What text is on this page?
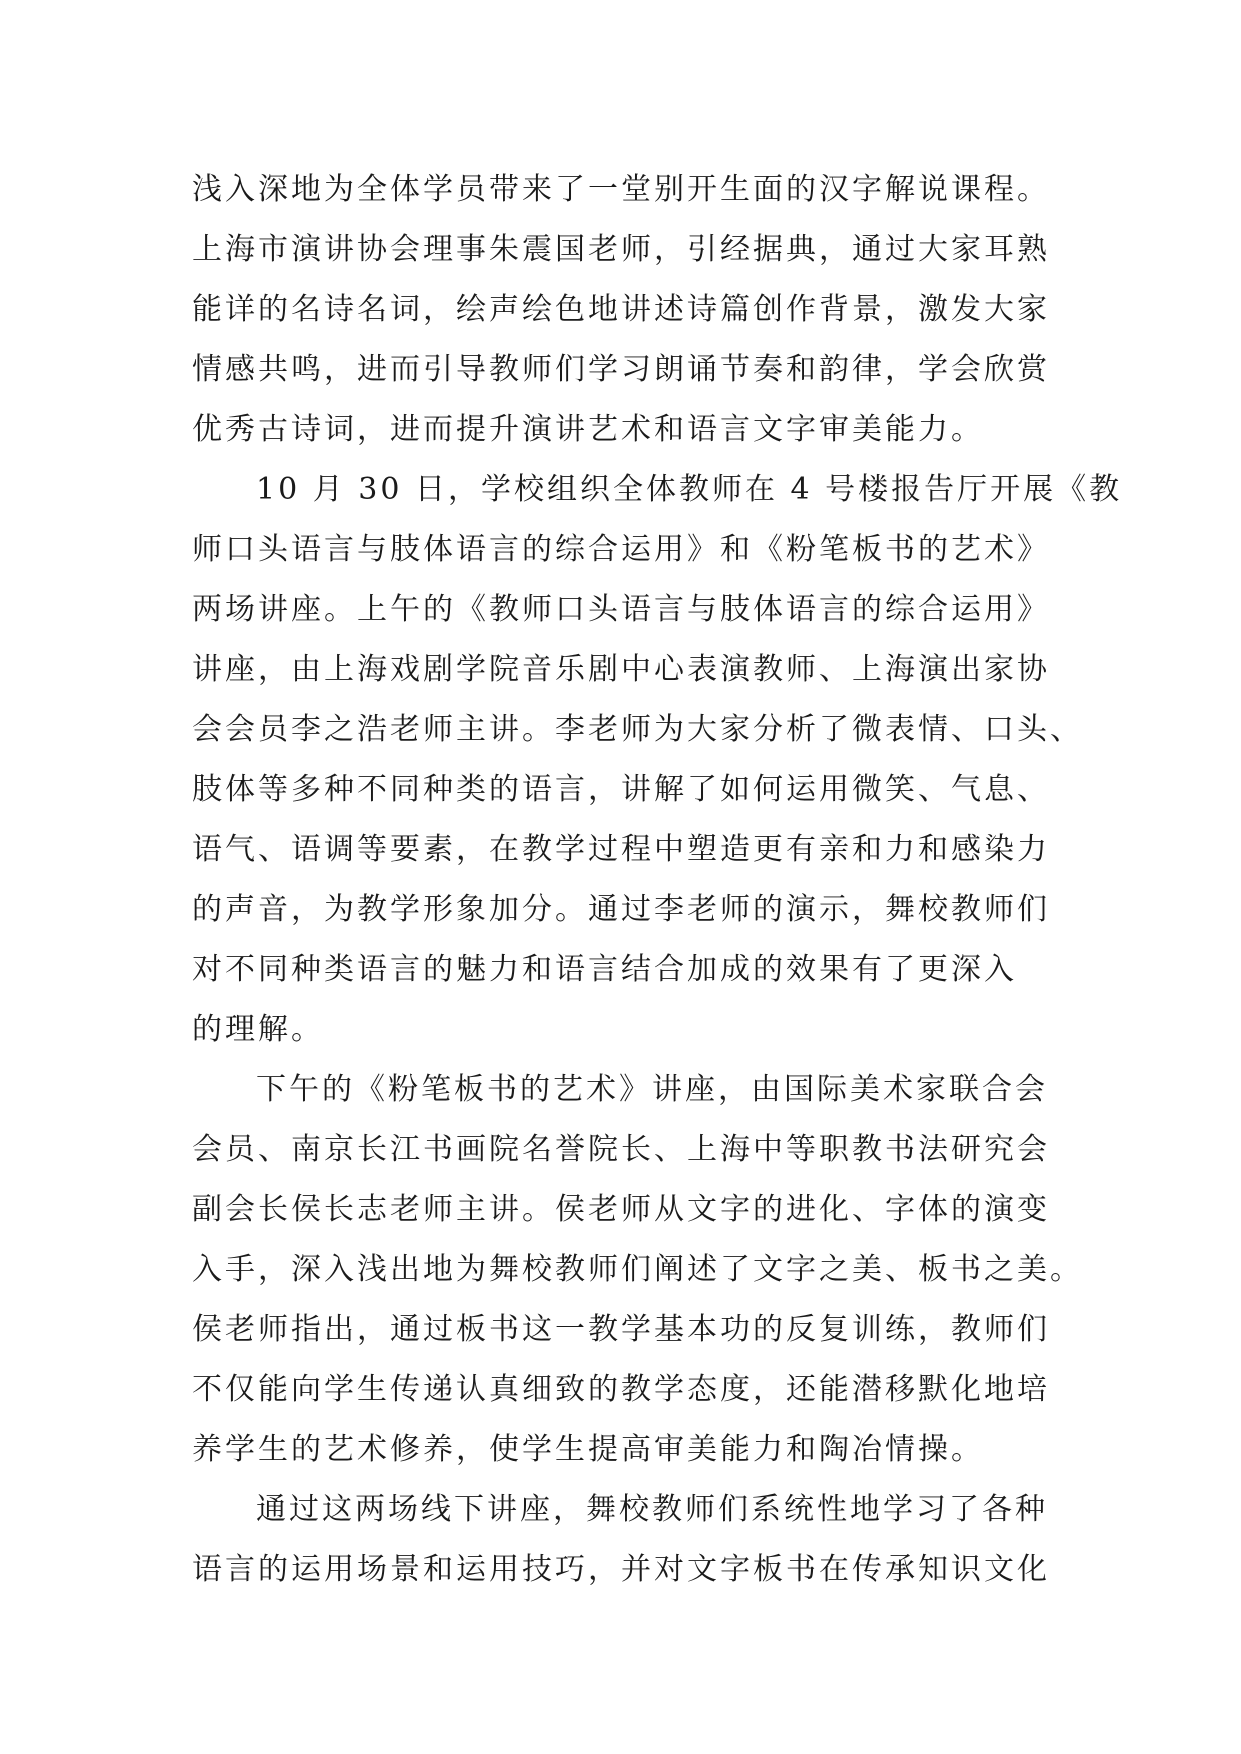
浅入深地为全体学员带来了一堂别开生面的汉字解说课程。
上海市演讲协会理事朱震国老师，引经据典，通过大家耳熟
能详的名诗名词，绘声绘色地讲述诗篇创作背景，激发大家
情感共鸣，进而引导教师们学习朗诵节奏和韵律，学会欣赏
优秀古诗词，进而提升演讲艺术和语言文字审美能力。
10 月 30 日，学校组织全体教师在 4 号楼报告厅开展《教
师口头语言与肢体语言的综合运用》和《粉笔板书的艺术》
两场讲座。上午的《教师口头语言与肢体语言的综合运用》
讲座，由上海戏剧学院音乐剧中心表演教师、上海演出家协
会会员李之浩老师主讲。李老师为大家分析了微表情、口头、
肢体等多种不同种类的语言，讲解了如何运用微笑、气息、
语气、语调等要素，在教学过程中塑造更有亲和力和感染力
的声音，为教学形象加分。通过李老师的演示，舞校教师们
对不同种类语言的魅力和语言结合加成的效果有了更深入
的理解。
下午的《粉笔板书的艺术》讲座，由国际美术家联合会
会员、南京长江书画院名誉院长、上海中等职教书法研究会
副会长侯长志老师主讲。侯老师从文字的进化、字体的演变
入手，深入浅出地为舞校教师们阐述了文字之美、板书之美。
侯老师指出，通过板书这一教学基本功的反复训练，教师们
不仅能向学生传递认真细致的教学态度，还能潜移默化地培
养学生的艺术修养，使学生提高审美能力和陶冶情操。
通过这两场线下讲座，舞校教师们系统性地学习了各种
语言的运用场景和运用技巧，并对文字板书在传承知识文化
